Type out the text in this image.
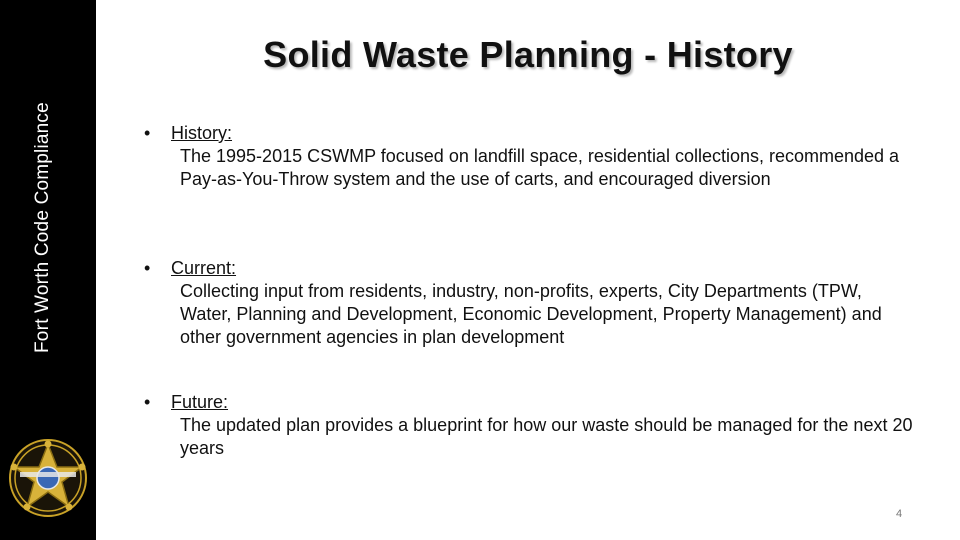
Fort Worth Code Compliance
Solid Waste Planning - History
•	History:
The 1995-2015 CSWMP focused on landfill space, residential collections, recommended a Pay-as-You-Throw system and the use of carts, and encouraged diversion
•	Current:
Collecting input from residents, industry, non-profits, experts, City Departments (TPW, Water, Planning and Development, Economic Development, Property Management) and other government agencies in plan development
•	Future:
The updated plan provides a blueprint for how our waste should be managed for the next 20 years
4
